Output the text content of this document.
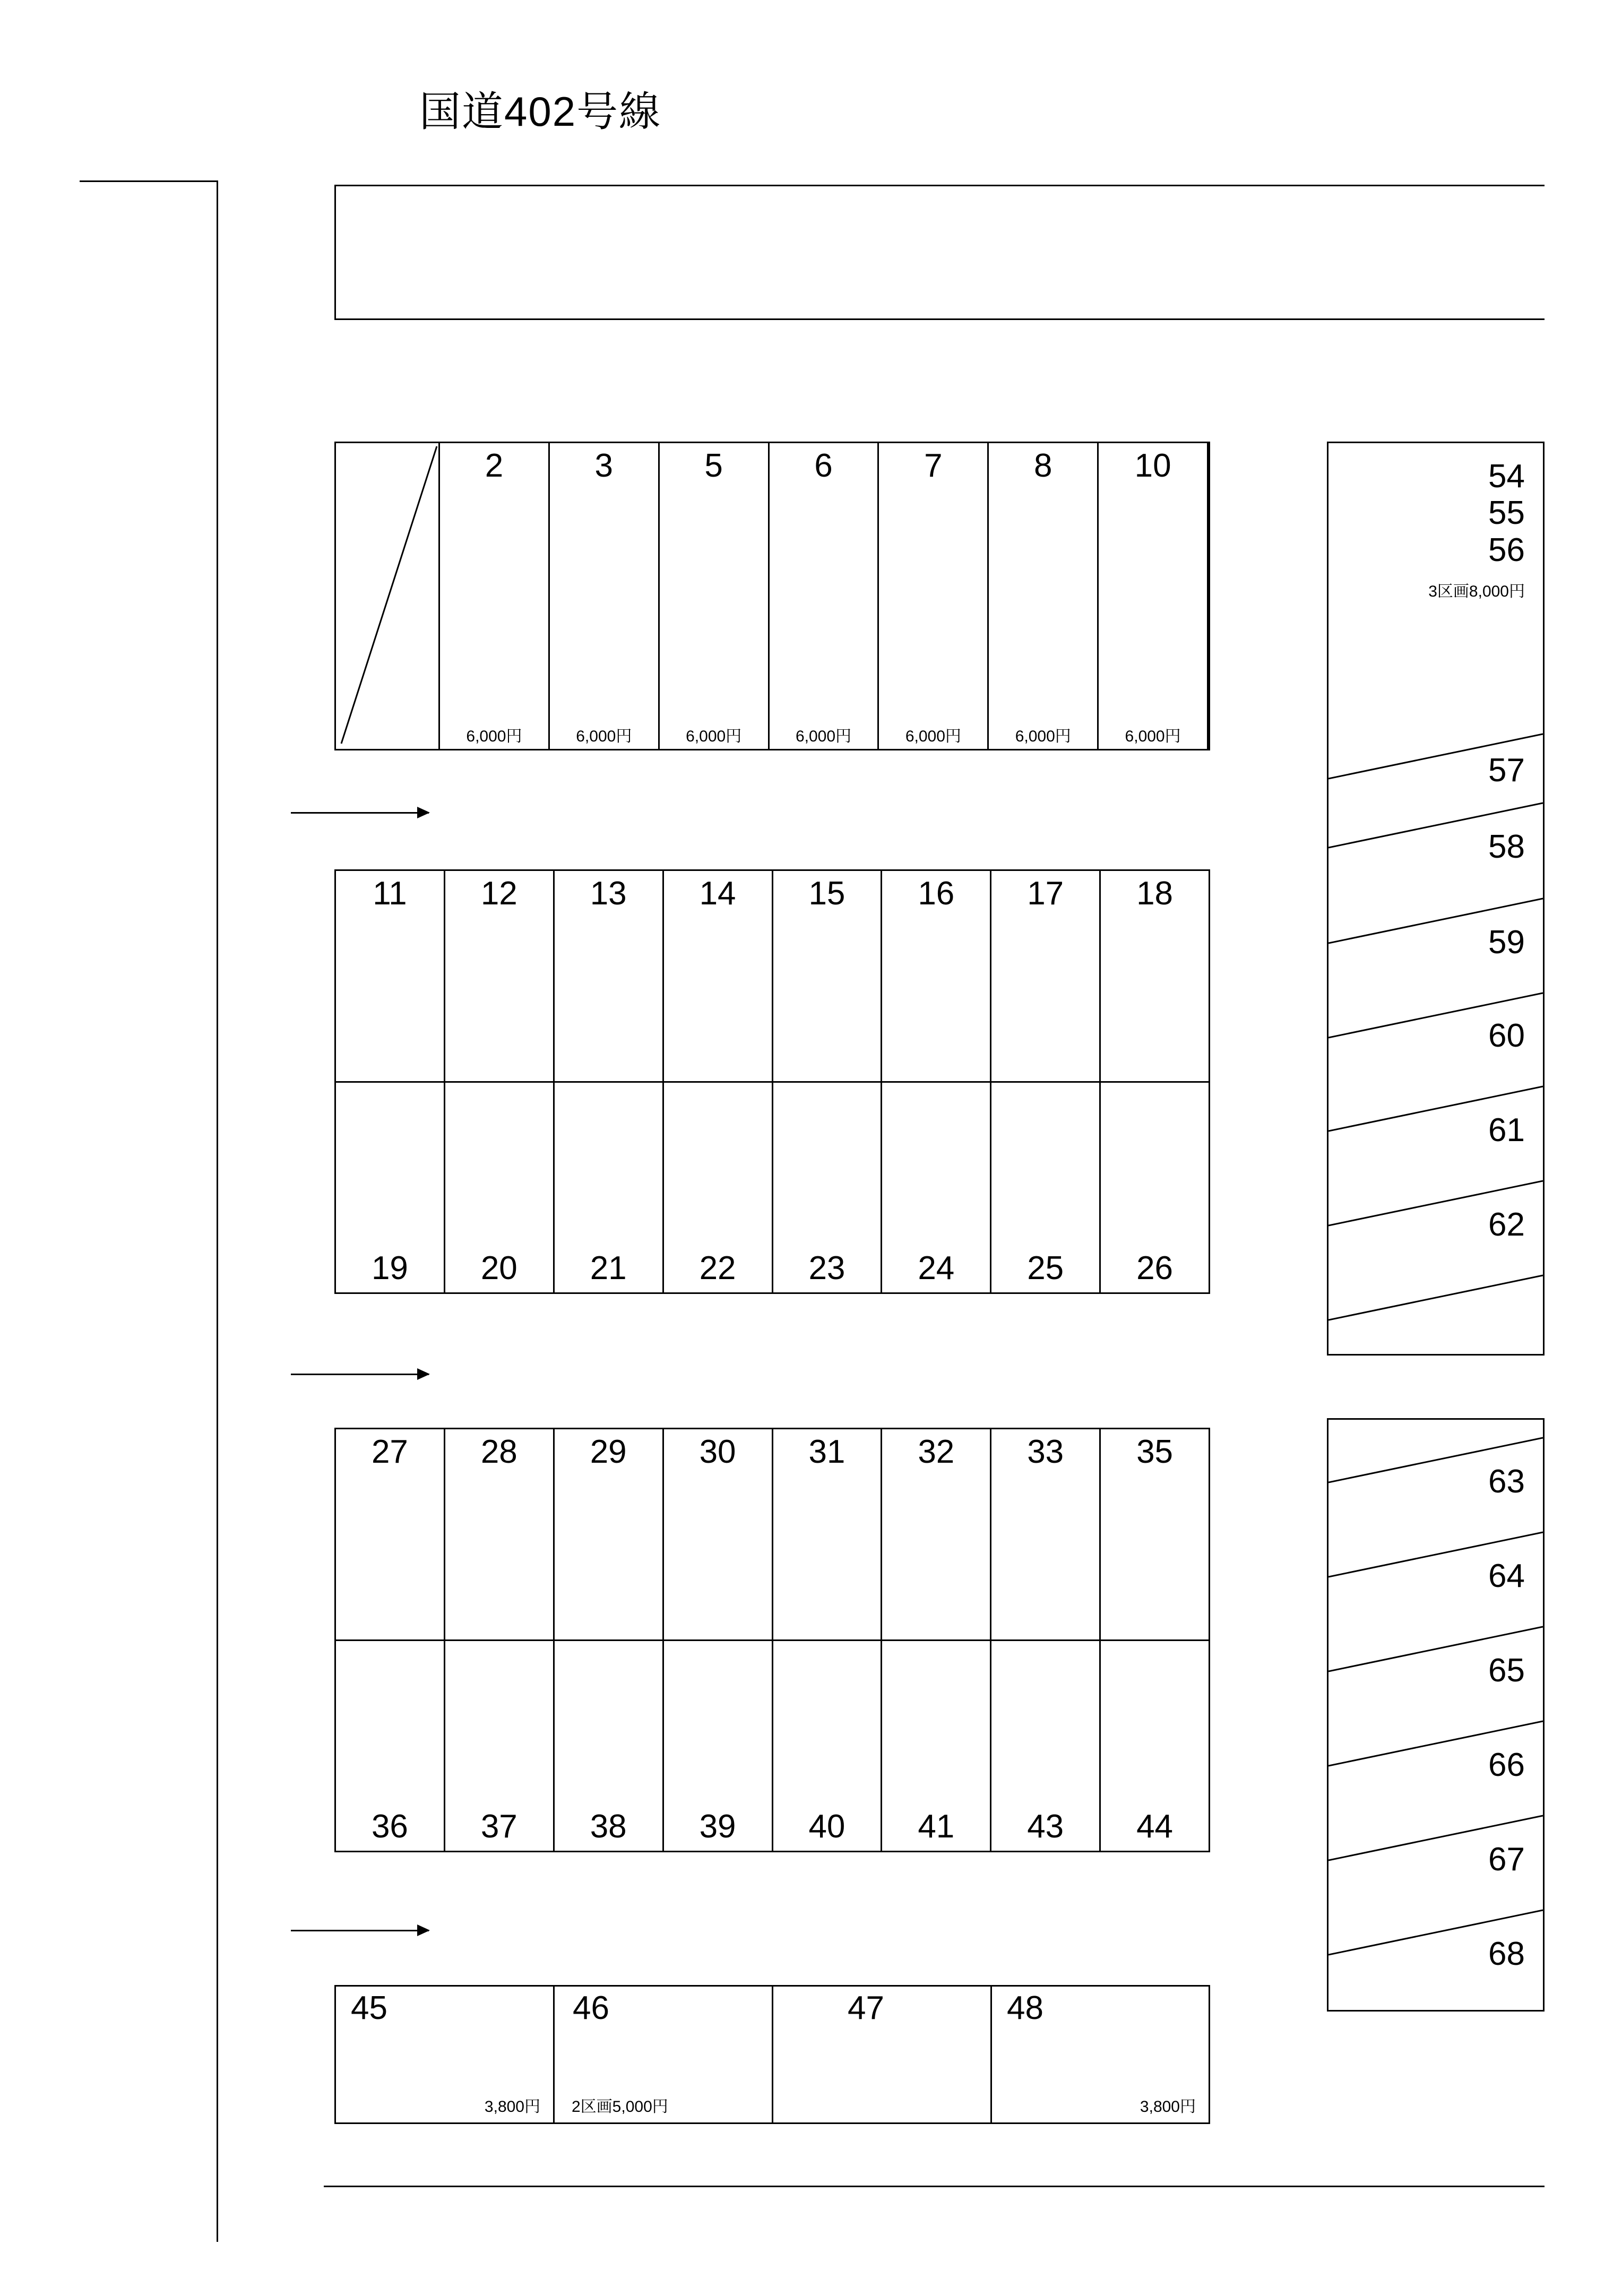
国道402号線
2
6,000円
3
6,000円
5
6,000円
6
6,000円
7
6,000円
8
6,000円
10
6,000円
11
19
12
20
13
21
14
22
15
23
16
24
17
25
18
26
27
36
28
37
29
38
30
39
31
40
32
41
33
43
35
44
45
3,800円
46
2区画5,000円
47	48
3,800円
54
55
56
3区画8,000円
57
58
59
60
61
62
63
64
65
66
67
68
